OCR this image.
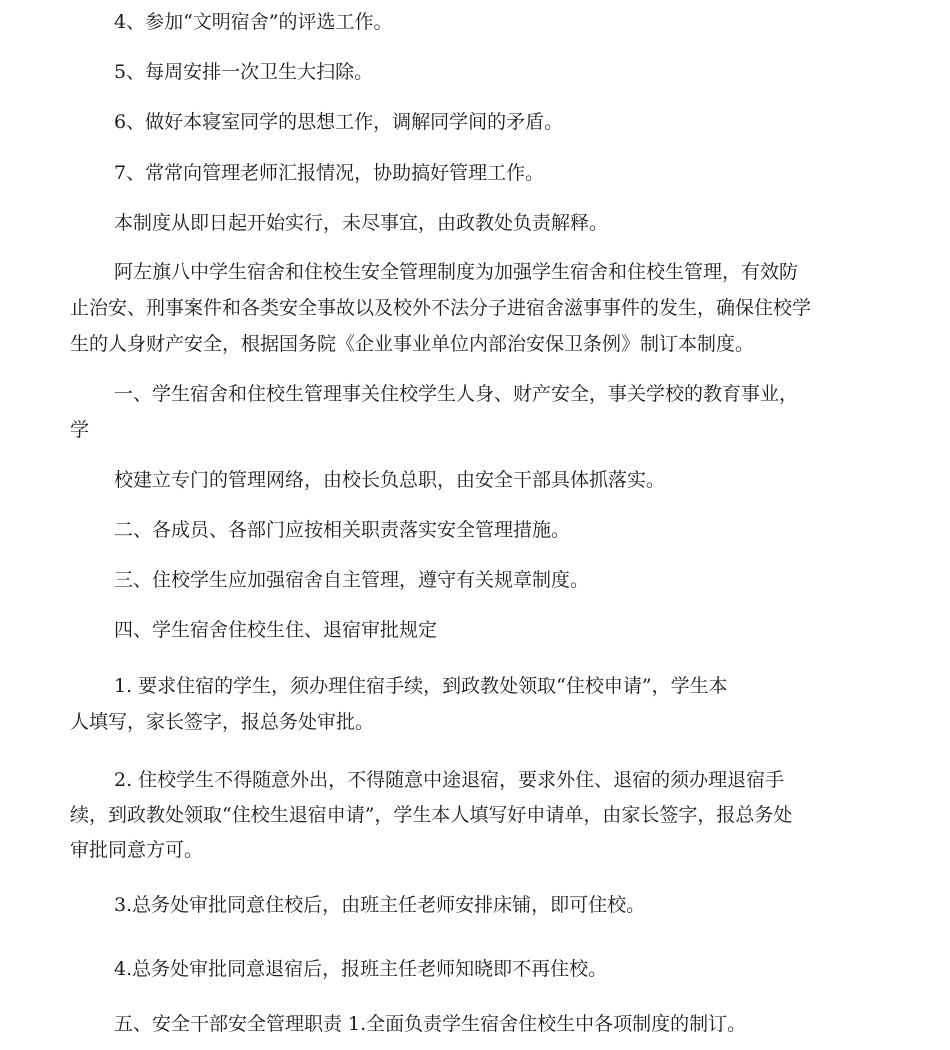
4、参加“文明宿舍”的评选工作。

5、每周安排一次卫生大扫除。

6、做好本寝室同学的思想工作，调解同学间的矛盾。

7、常常向管理老师汇报情况，协助搞好管理工作。

本制度从即日起开始实行，未尽事宜，由政教处负责解释。

阿左旗八中学生宿舍和住校生安全管理制度为加强学生宿舍和住校生管理，有效防

止治安、刑事案件和各类安全事故以及校外不法分子进宿舍滋事事件的发生，确保住校学

生的人身财产安全，根据国务院《企业事业单位内部治安保卫条例》制订本制度。

一、学生宿舍和住校生管理事关住校学生人身、财产安全，事关学校的教育事业，

学

校建立专门的管理网络，由校长负总职，由安全干部具体抓落实。

二、各成员、各部门应按相关职责落实安全管理措施。

三、住校学生应加强宿舍自主管理，遵守有关规章制度。

四、学生宿舍住校生住、退宿审批规定

1. 要求住宿的学生，须办理住宿手续，到政教处领取“住校申请”，学生本

人填写，家长签字，报总务处审批。

2. 住校学生不得随意外出，不得随意中途退宿，要求外住、退宿的须办理退宿手

续，到政教处领取“住校生退宿申请”，学生本人填写好申请单，由家长签字，报总务处

审批同意方可。

3.总务处审批同意住校后，由班主任老师安排床铺，即可住校。

4.总务处审批同意退宿后，报班主任老师知晓即不再住校。

五、安全干部安全管理职责 1.全面负责学生宿舍住校生中各项制度的制订。
